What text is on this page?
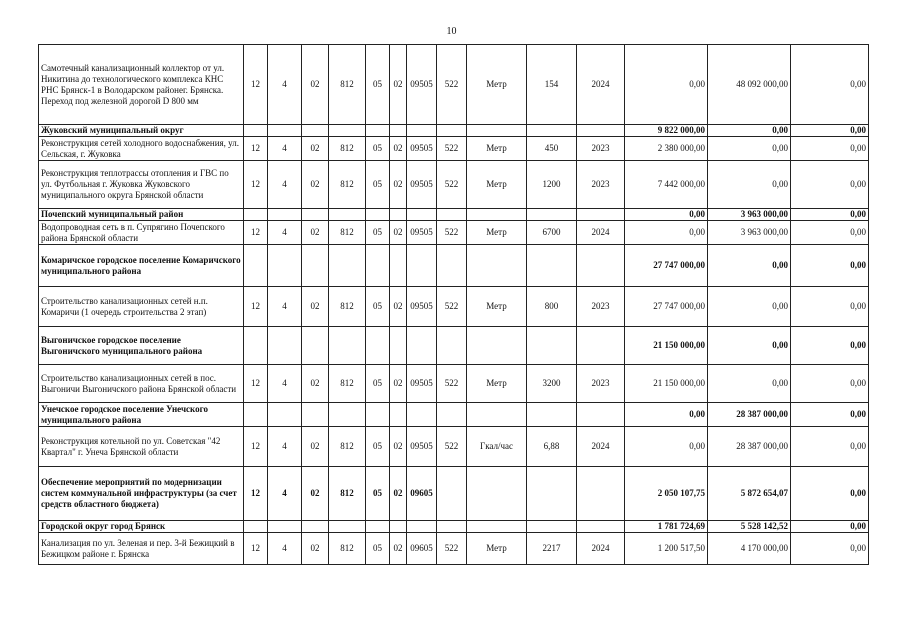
10
Самотечный канализационный коллектор от ул. Никитина до технологического комплекса КНС РНС Брянск-1 в Володарском районег. Брянска. Переход под железной дорогой D 800 мм	12	4	02	812	05	02	09505	522	Метр	154	2024	0,00	48 092 000,00	0,00
Жуковский муниципальный округ												9 822 000,00	0,00	0,00
Реконструкция сетей холодного водоснабжения, ул. Сельская, г. Жуковка	12	4	02	812	05	02	09505	522	Метр	450	2023	2 380 000,00	0,00	0,00
Реконструкция теплотрассы отопления и ГВС по ул. Футбольная г. Жуковка Жуковского муниципального округа Брянской области	12	4	02	812	05	02	09505	522	Метр	1200	2023	7 442 000,00	0,00	0,00
Почепский муниципальный район												0,00	3 963 000,00	0,00
Водопроводная сеть в п. Супрягино Почепского района Брянской области	12	4	02	812	05	02	09505	522	Метр	6700	2024	0,00	3 963 000,00	0,00
Комаричское городское поселение Комаричского муниципального района												27 747 000,00	0,00	0,00
Строительство канализационных сетей н.п. Комаричи (1 очередь строительства 2 этап)	12	4	02	812	05	02	09505	522	Метр	800	2023	27 747 000,00	0,00	0,00
Выгоничское городское поселение Выгоничского муниципального района												21 150 000,00	0,00	0,00
Строительство канализационных сетей в пос. Выгоничи Выгоничского района Брянской области	12	4	02	812	05	02	09505	522	Метр	3200	2023	21 150 000,00	0,00	0,00
Унечское городское поселение Унечского муниципального района												0,00	28 387 000,00	0,00
Реконструкция котельной по ул. Советская "42 Квартал" г. Унеча Брянской области	12	4	02	812	05	02	09505	522	Гкал/час	6,88	2024	0,00	28 387 000,00	0,00
Обеспечение мероприятий по модернизации систем коммунальной инфраструктуры (за счет средств областного бюджета)	12	4	02	812	05	02	09605					2 050 107,75	5 872 654,07	0,00
Городской округ город Брянск												1 781 724,69	5 528 142,52	0,00
Канализация по ул. Зеленая и пер. 3-й Бежицкий в Бежицком районе г. Брянска	12	4	02	812	05	02	09605	522	Метр	2217	2024	1 200 517,50	4 170 000,00	0,00
